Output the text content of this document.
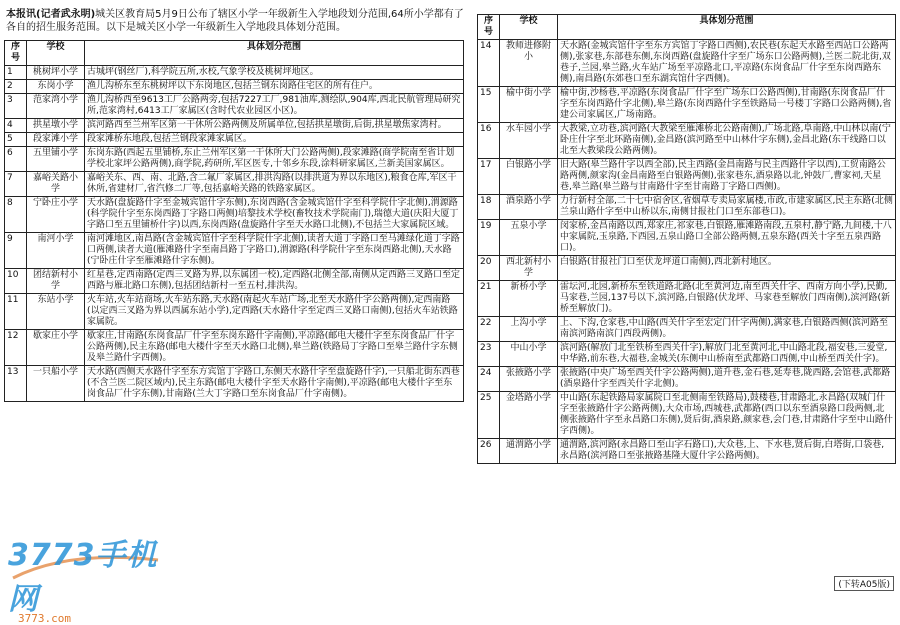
本报讯(记者武永明)城关区教育局5月9日公布了辖区小学一年级新生入学地段划分范围,64所小学都有了各自的招生服务范围。以下是城关区小学一年级新生入学地段具体划分范围。
序号	学校	具体划分范围
1	桃树坪小学	古城坪(钢丝厂),科学院五所,水校,气象学校及桃树坪地区。
2	东岗小学	渔儿沟桥东至东桃树坪以下东岗地区,包括兰钢东岗路住宅区的所有住户。
3	范家湾小学	渔儿沟桥西至9613工厂公路两旁,包括7227工厂,981油库,测绘队,904库,西北民航管理局研究所,范家湾村,6413工厂家属区(含时代农业园区小区)。
4	拱星墩小学	滨河路西至兰州军区第一干休所公路两侧及所属单位,包括拱星墩街,后街,拱星墩焦家湾村。
5	段家滩小学	段家滩桥东地段,包括兰钢段家滩家属区。
6	五里铺小学	东岗东路(西起五里铺桥,东止兰州军区第一干休所大门公路两侧),段家滩路(商学院南至省计划学校北家坪公路两侧),商学院,药研所,军区医专,十邻乡东段,涂料研家属区,兰新美国家属区。
7	嘉峪关路小学	嘉峪关东、西、南、北路,含二氟厂家属区,排洪沟路(以排洪道为界以东地区),粮食仓库,军区干休所,省建材厂,省汽修二厂等,包括嘉峪关路的铁路家属区。
8	宁卧庄小学	天水路(盘旋路什字至金城宾馆什字东侧),东岗西路(含金城宾馆什字至科学院什字北侧),渭源路(科学院什字至东岗西路丁字路口两侧)培黎技术学校(畜牧技术学院南门),瑞德大道(庆阳大厦丁字路口至五里铺桥什字)以西,东岗西路(盘旋路什字至天水路口北侧),不包括兰大家属院区域。
9	南河小学	南河滩地区,南昌路(含金城宾馆什字至科学院什字北侧),读者大道丁字路口至马滩绿化道丁字路口两侧,读者大道(雁滩路什字至南昌路丁字路口),渭源路(科学院什字至东岗西路北侧),天水路(宁卧庄什字至雁滩路什字东侧)。
10	团结新村小学	红星巷,定西南路(定西三叉路为界,以东属团一校),定西路(北侧全部,南侧从定西路三叉路口至定西路与雁北路口东侧),包括团结新村一至五村,排洪沟。
11	东站小学	火车站,火车站商场,火车站东路,天水路(南起火车站广场,北至天水路什字公路两侧),定西南路(以定西三叉路为界以西属东站小学),定西路(天水路什字至定西三叉路口南侧),包括火车站铁路家属院。
12	歇家庄小学	歇家庄,甘南路(东岗食品厂什字至东岗东路什字南侧),平凉路(邮电大楼什字至东岗食品厂什字公路两侧),民主东路(邮电大楼什字至天水路口北侧),皋兰路(铁路局丁字路口至皋兰路什字东侧及皋兰路什字西侧)。
13	一只船小学	天水路(西侧天水路什字至东方宾馆丁字路口,东侧天水路什字至盘旋路什字),一只船北街东西巷(不含兰医二院区域内),民主东路(邮电大楼什字至天水路什字南侧),平凉路(邮电大楼什字至东岗食品厂什字东侧),甘南路(兰大丁字路口至东岗食品厂什字南侧)。
序号	学校	具体划分范围
14	教师进修附小	天水路(金城宾馆什字至东方宾馆丁字路口西侧),农民巷(东起天水路至西站口公路两侧),张家巷,东部巷东侧,东岗西路(盘旋路什字至广场东口公路两侧),兰医二院北街,双巷子,兰园,皋兰路,火车站广场至平凉路北口,平凉路(东岗食品厂什字至东岗西路东侧),南昌路(东郊巷口至东湖宾馆什字西侧)。
15	榆中街小学	榆中街,沙杨巷,平凉路(东岗食品厂什字至广场东口公路西侧),甘南路(东岗食品厂什字至东岗西路什字北侧),皋兰路(东岗西路什字至铁路局一号楼丁字路口公路两侧),省建公司家属区,广场南路。
16	水车园小学	大教梁,立功巷,滨河路(大教梁至雁滩桥北公路南侧),广场北路,阜南路,中山林以南(宁卧庄什字至北环路南侧),金昌路(滨河路至中山林什字东侧),金昌北路(东干线路口以北至大教梁段公路两侧)。
17	白银路小学	旧大路(皋兰路什字以西全部),民主西路(金昌南路与民主西路什字以西),工贸南路公路两侧,颜家沟(金昌南路至白银路两侧),张家巷东,酒泉路以北,钟鼓厂,曹家祠,天星巷,皋兰路(皋兰路与甘南路什字至甘南路丁字路口西侧)。
18	酒泉路小学	力行新村全部,二十七中宿舍区,省烟草专卖局家属楼,市政,市建家属区,民主东路(北侧兰泉山路什字至中山桥以东,南侧甘报社门口至东部巷口)。
19	五泉小学	闵家桥,金昌南路以西,郑家庄,祁家巷,白银路,雁滩路南段,五泉村,静宁路,九间楼,十八中家属院,玉泉路,下西园,五泉山路口全部公路两侧,五泉东路(西关十字至五泉西路口)。
20	西北新村小学	白银路(甘报社门口至伏龙坪道口南侧),西北新村地区。
21	新桥小学	雷坛河,北园,新桥东至铁道路北路(北至黄河边,南至西关什字、西南方向小学),民勤,马家巷,兰园,137号以下,滨河路,白银路(伏龙坪、马家巷至解放门西南侧),滨河路(新桥至解放门)。
22	上沟小学	上、下沟,仓家巷,中山路(西关什字至宏定门什字两侧),满家巷,白银路西侧(滨河路至南滨河路南滨门西段两侧)。
23	中山小学	滨河路(解放门北至铁桥至西关什字),解放门北至黄河北,中山路北段,福安巷,三爱堂,中华路,前东巷,大福巷,金城关(东侧中山桥南至武都路口西侧,中山桥至西关什字)。
24	张掖路小学	张掖路(中央广场至西关什字公路两侧),道升巷,金石巷,延寿巷,陇西路,会馆巷,武都路(酒泉路什字至西关什字北侧)。
25	金塔路小学	中山路(东起铁路局家属院口至北侧南至铁路局),鼓楼巷,甘肃路北,永昌路(双城门什字至张掖路什字公路两侧),大众市场,西城巷,武都路(西口以东至酒泉路口段两侧,北侧张掖路什字至永昌路口东侧),贤后街,酒泉路,颜家巷,会门巷,甘肃路什字至中山路什字西侧)。
26	通渭路小学	通渭路,滨河路(永昌路口至山字石路口),大众巷,上、下水巷,贤后街,白塔街,口袋巷,永昌路(滨河路口至张掖路基隆大厦什字公路两侧)。
(下转A05版)
3773手机网
3773.com
